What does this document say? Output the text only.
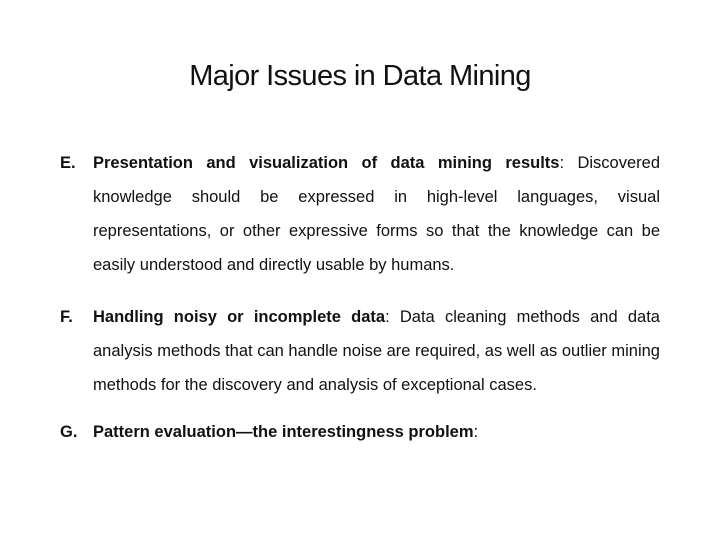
Major Issues in Data Mining
E. Presentation and visualization of data mining results: Discovered knowledge should be expressed in high-level languages, visual representations, or other expressive forms so that the knowledge can be easily understood and directly usable by humans.
F. Handling noisy or incomplete data: Data cleaning methods and data analysis methods that can handle noise are required, as well as outlier mining methods for the discovery and analysis of exceptional cases.
G. Pattern evaluation—the interestingness problem:
